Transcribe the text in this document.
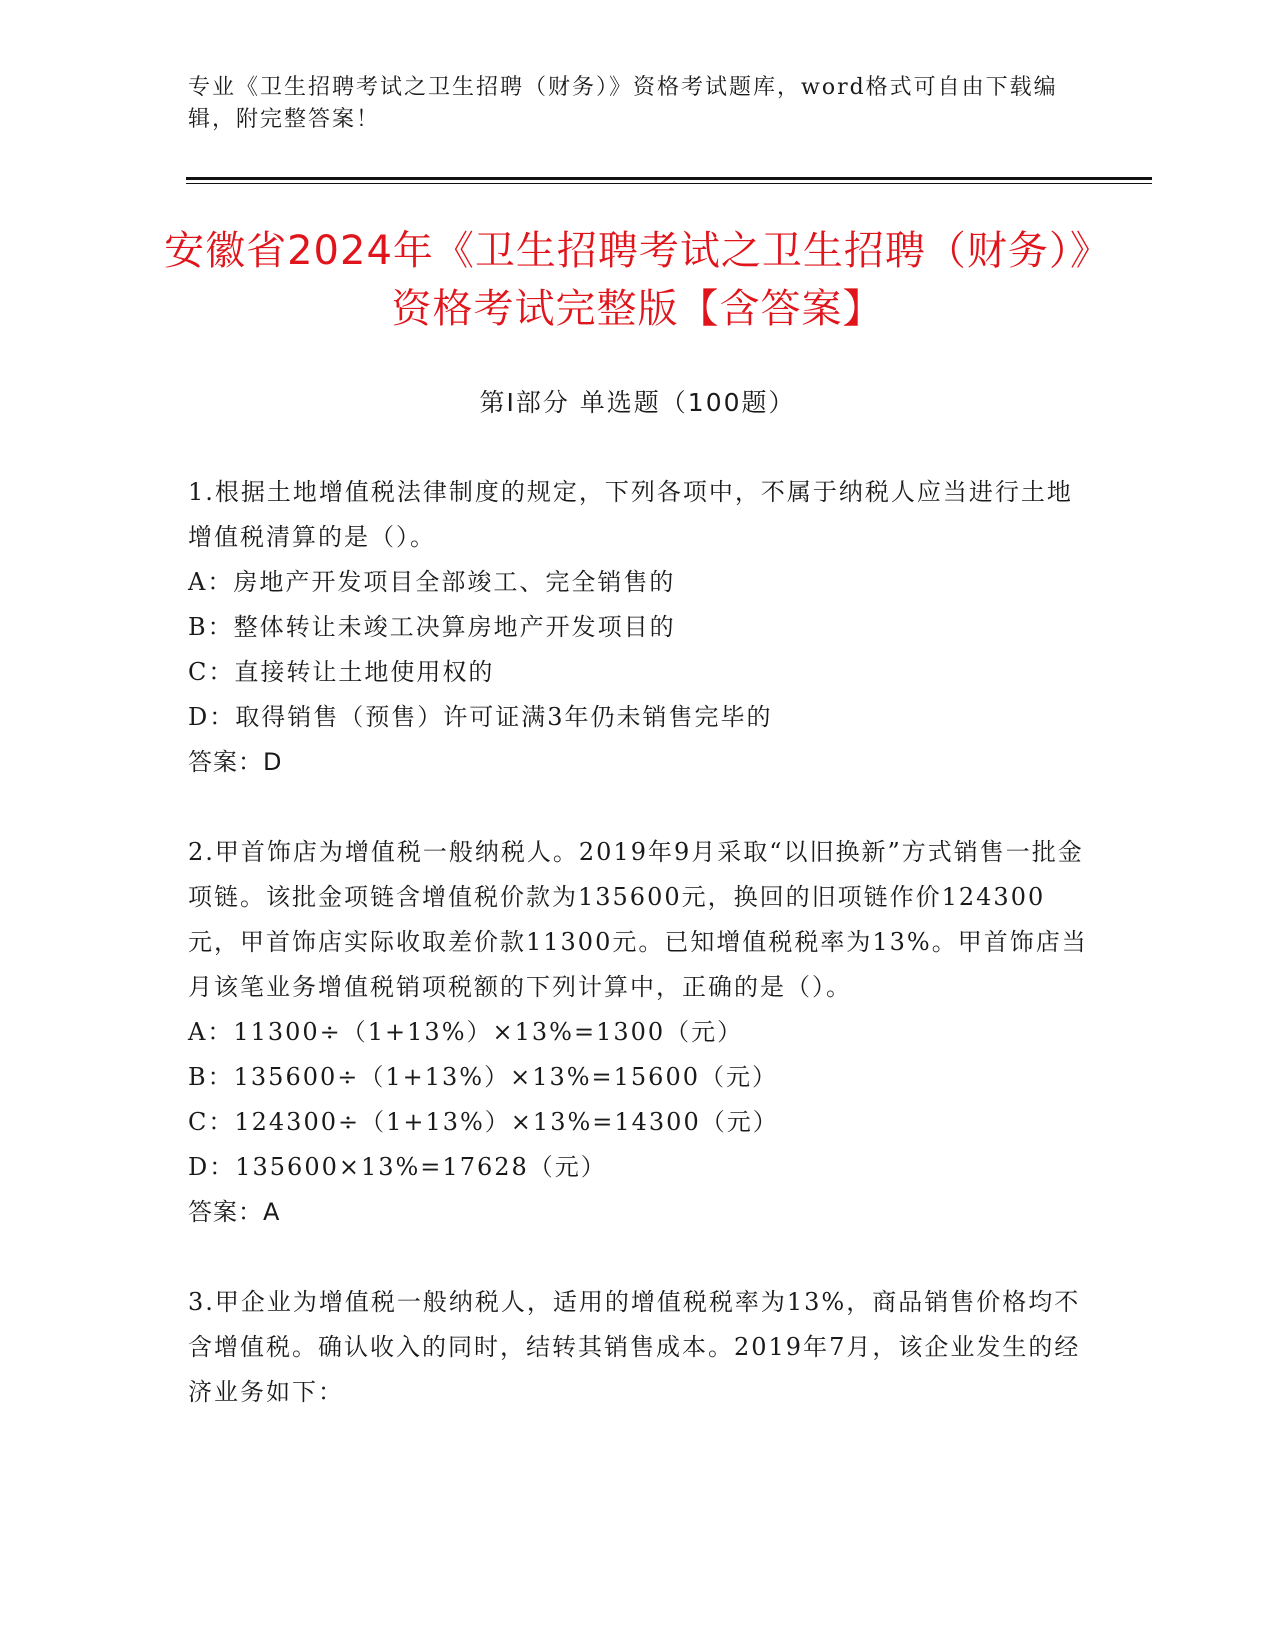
专业《卫生招聘考试之卫生招聘（财务）》资格考试题库，word格式可自由下载编辑，附完整答案！
安徽省2024年《卫生招聘考试之卫生招聘（财务）》资格考试完整版【含答案】
第I部分 单选题（100题）
1.根据土地增值税法律制度的规定，下列各项中，不属于纳税人应当进行土地增值税清算的是（）。
A：房地产开发项目全部竣工、完全销售的
B：整体转让未竣工决算房地产开发项目的
C：直接转让土地使用权的
D：取得销售（预售）许可证满3年仍未销售完毕的
答案：D
2.甲首饰店为增值税一般纳税人。2019年9月采取“以旧换新”方式销售一批金项链。该批金项链含增值税价款为135600元，换回的旧项链作价124300元，甲首饰店实际收取差价款11300元。已知增值税税率为13%。甲首饰店当月该笔业务增值税销项税额的下列计算中，正确的是（）。
A：11300÷（1+13%）×13%=1300（元）
B：135600÷（1+13%）×13%=15600（元）
C：124300÷（1+13%）×13%=14300（元）
D：135600×13%=17628（元）
答案：A
3.甲企业为增值税一般纳税人，适用的增值税税率为13%，商品销售价格均不含增值税。确认收入的同时，结转其销售成本。2019年7月，该企业发生的经济业务如下：
